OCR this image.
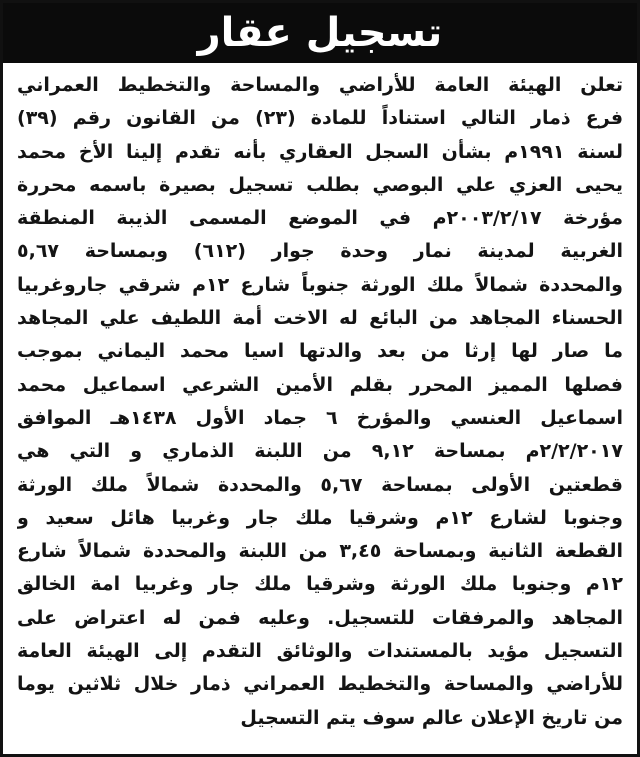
تسجيل عقار
تعلن الهيئة العامة للأراضي والمساحة والتخطيط العمراني
فرع ذمار التالي استناداً للمادة (٢٣) من القانون رقم (٣٩)
لسنة ١٩٩١م بشأن السجل العقاري بأنه تقدم إلينا الأخ محمد
يحيى العزي علي البوصي بطلب تسجيل بصيرة باسمه محررة
مؤرخة ٢٠٠٣/٢/١٧م في الموضع المسمى الذيبة المنطقة
الغربية لمدينة نمار وحدة جوار (٦١٢) وبمساحة ٥,٦٧
والمحددة شمالاً ملك الورثة جنوباً شارع ١٢م شرقي جاروغربيا
الحسناء المجاهد من البائع له الاخت أمة اللطيف علي المجاهد
ما صار لها إرثا من بعد والدتها اسيا محمد اليماني بموجب
فصلها المميز المحرر بقلم الأمين الشرعي اسماعيل محمد
اسماعيل العنسي والمؤرخ ٦ جماد الأول ١٤٣٨هـ الموافق
٢/٢/٢٠١٧م بمساحة ٩,١٢ من اللبنة الذماري و التي هي
قطعتين الأولى بمساحة ٥,٦٧ والمحددة شمالاً ملك الورثة
وجنوبا لشارع ١٢م وشرقيا ملك جار وغربيا هائل سعيد و
القطعة الثانية وبمساحة ٣,٤٥ من اللبنة والمحددة شمالاً شارع
١٢م وجنوبا ملك الورثة وشرقيا ملك جار وغربيا امة الخالق
المجاهد والمرفقات للتسجيل. وعليه فمن له اعتراض على
التسجيل مؤيد بالمستندات والوثائق التقدم إلى الهيئة العامة
للأراضي والمساحة والتخطيط العمراني ذمار خلال ثلاثين يوما
من تاريخ الإعلان عالم سوف يتم التسجيل
